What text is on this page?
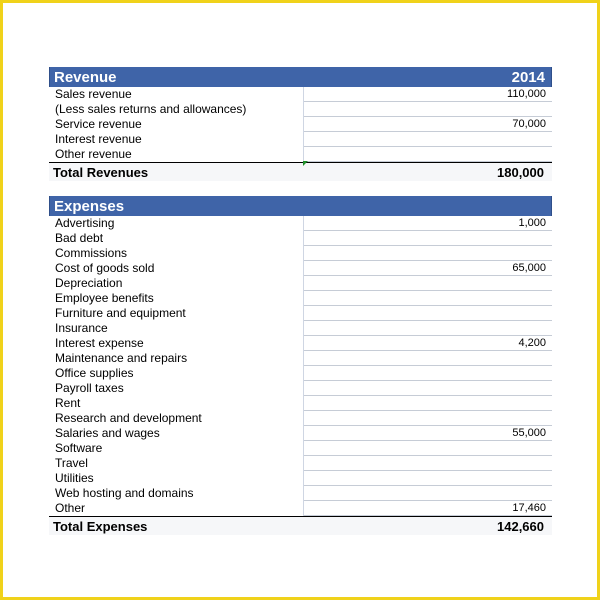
Revenue	2014
Sales revenue	110,000
(Less sales returns and allowances)
Service revenue	70,000
Interest revenue
Other revenue
Total Revenues	180,000
Expenses
Advertising	1,000
Bad debt
Commissions
Cost of goods sold	65,000
Depreciation
Employee benefits
Furniture and equipment
Insurance
Interest expense	4,200
Maintenance and repairs
Office supplies
Payroll taxes
Rent
Research and development
Salaries and wages	55,000
Software
Travel
Utilities
Web hosting and domains
Other	17,460
Total Expenses	142,660
